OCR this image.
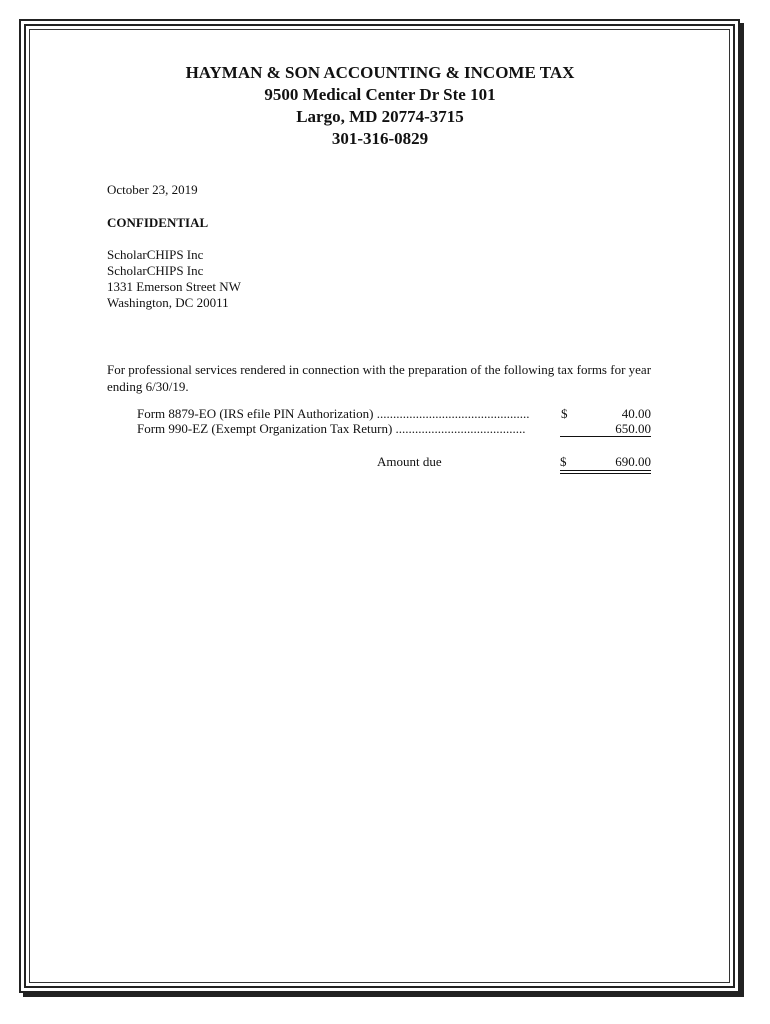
HAYMAN & SON ACCOUNTING & INCOME TAX
9500 Medical Center Dr Ste 101
Largo, MD 20774-3715
301-316-0829
October 23, 2019
CONFIDENTIAL
ScholarCHIPS Inc
ScholarCHIPS Inc
1331 Emerson Street NW
Washington, DC 20011
For professional services rendered in connection with the preparation of the following tax forms for year ending 6/30/19.
Form 8879-EO (IRS efile PIN Authorization) ...............................................	$	40.00
Form 990-EZ (Exempt Organization Tax Return) ........................................	650.00
Amount due	$	690.00
